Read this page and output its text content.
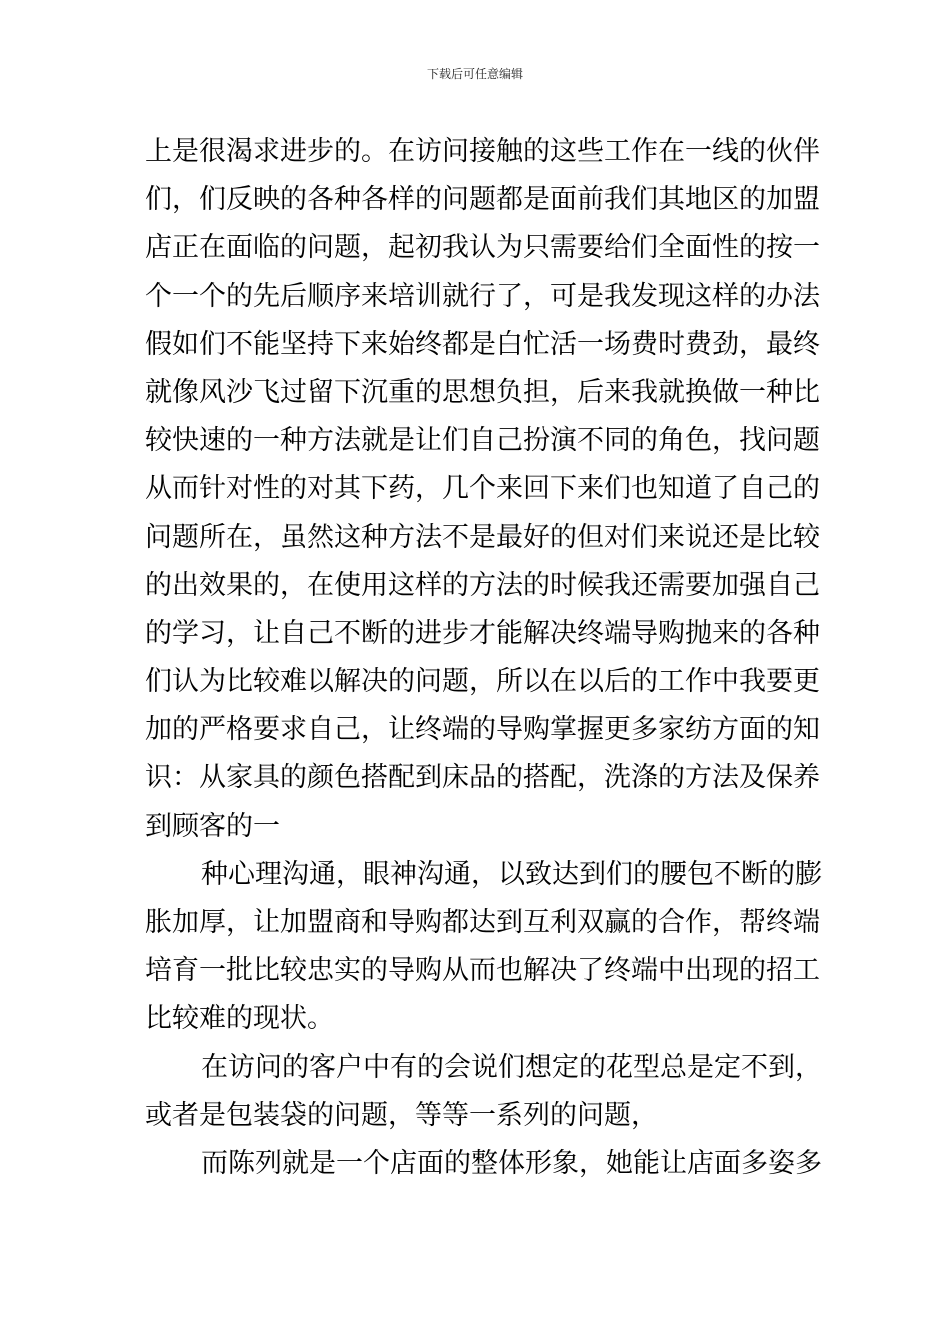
下载后可任意编辑
上是很渴求进步的。在访问接触的这些工作在一线的伙伴
们，们反映的各种各样的问题都是面前我们其地区的加盟
店正在面临的问题，起初我认为只需要给们全面性的按一
个一个的先后顺序来培训就行了，可是我发现这样的办法
假如们不能坚持下来始终都是白忙活一场费时费劲，最终
就像风沙飞过留下沉重的思想负担，后来我就换做一种比
较快速的一种方法就是让们自己扮演不同的角色，找问题
从而针对性的对其下药，几个来回下来们也知道了自己的
问题所在，虽然这种方法不是最好的但对们来说还是比较
的出效果的，在使用这样的方法的时候我还需要加强自己
的学习，让自己不断的进步才能解决终端导购抛来的各种
们认为比较难以解决的问题，所以在以后的工作中我要更
加的严格要求自己，让终端的导购掌握更多家纺方面的知
识：从家具的颜色搭配到床品的搭配，洗涤的方法及保养
到顾客的一
种心理沟通，眼神沟通，以致达到们的腰包不断的膨
胀加厚，让加盟商和导购都达到互利双赢的合作，帮终端
培育一批比较忠实的导购从而也解决了终端中出现的招工
比较难的现状。
在访问的客户中有的会说们想定的花型总是定不到，
或者是包装袋的问题，等等一系列的问题，
而陈列就是一个店面的整体形象，她能让店面多姿多
